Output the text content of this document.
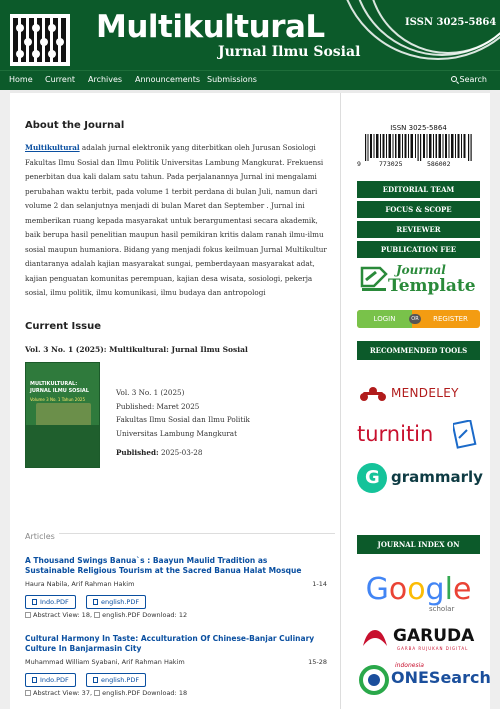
MultikulturaL
Jurnal Ilmu Sosial
ISSN 3025-5864
Home Current Archives Announcements Submissions	Search
About the Journal
Multikultural adalah jurnal elektronik yang diterbitkan oleh Jurusan Sosiologi Fakultas Ilmu Sosial dan Ilmu Politik Universitas Lambung Mangkurat. Frekuensi penerbitan dua kali dalam satu tahun. Pada perjalanannya Jurnal ini mengalami perubahan waktu terbit, pada volume 1 terbit perdana di bulan Juli, namun dari volume 2 dan selanjutnya menjadi di bulan Maret dan September . Jurnal ini memberikan ruang kepada masyarakat untuk berargumentasi secara akademik, baik berupa hasil penelitian maupun hasil pemikiran kritis dalam ranah ilmu-ilmu sosial maupun humaniora. Bidang yang menjadi fokus keilmuan Jurnal Multikultur diantaranya adalah kajian masyarakat sungai, pemberdayaan masyarakat adat, kajian penguatan komunitas perempuan, kajian desa wisata, sosiologi, pekerja sosial, ilmu politik, ilmu komunikasi, ilmu budaya dan antropologi
Current Issue
Vol. 3 No. 1 (2025): Multikultural: Jurnal Ilmu Sosial
MULTIKULTURAL:
JURNAL ILMU SOSIAL
Volume 3 No. 1 Tahun 2025
Vol. 3 No. 1 (2025)
Published: Maret 2025
Fakultas Ilmu Sosial dan Ilmu Politik
Universitas Lambung Mangkurat
Published: 2025-03-28
Articles
A Thousand Swings Banua`s : Baayun Maulid Tradition as Sustainable Religious Tourism at the Sacred Banua Halat Mosque
Haura Nabila, Arif Rahman Hakim	1-14
Indo.PDF	english.PDF
Abstract View: 18, english.PDF Download: 12
Cultural Harmony In Taste: Acculturation Of Chinese-Banjar Culinary Culture In Banjarmasin City
Muhammad William Syabani, Arif Rahman Hakim	15-28
Indo.PDF	english.PDF
Abstract View: 37, english.PDF Download: 18
ISSN 3025-5864
9	773025	586002
EDITORIAL TEAM
FOCUS & SCOPE
REVIEWER
PUBLICATION FEE
Journal
Template
LOGIN	REGISTER
OR
RECOMMENDED TOOLS
MENDELEY
turnitin
G grammarly
JOURNAL INDEX ON
Google
scholar
GARUDA
GARBA RUJUKAN DIGITAL
indonesia
ONESearch
